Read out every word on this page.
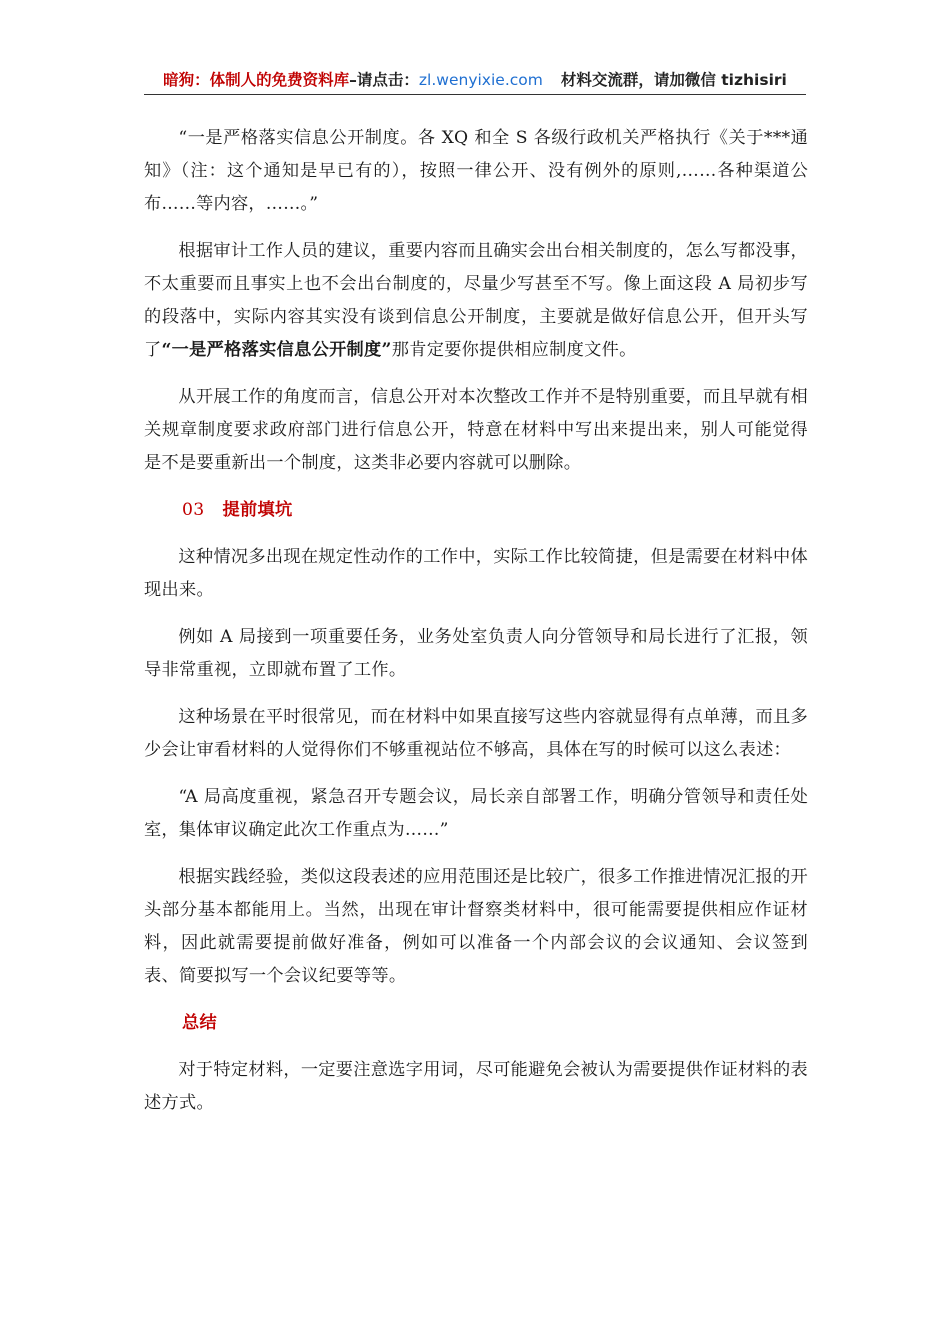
暗狗：体制人的免费资料库–请点击：zl.wenyixie.com 材料交流群，请加微信 tizhisiri

“一是严格落实信息公开制度。各 XQ 和全 S 各级行政机关严格执行《关于***通知》（注：这个通知是早已有的），按照一律公开、没有例外的原则,……各种渠道公布……等内容，……。”

根据审计工作人员的建议，重要内容而且确实会出台相关制度的，怎么写都没事，不太重要而且事实上也不会出台制度的，尽量少写甚至不写。像上面这段 A 局初步写的段落中，实际内容其实没有谈到信息公开制度，主要就是做好信息公开，但开头写了“一是严格落实信息公开制度”那肯定要你提供相应制度文件。

从开展工作的角度而言，信息公开对本次整改工作并不是特别重要，而且早就有相关规章制度要求政府部门进行信息公开，特意在材料中写出来提出来，别人可能觉得是不是要重新出一个制度，这类非必要内容就可以删除。

03 提前填坑

这种情况多出现在规定性动作的工作中，实际工作比较简捷，但是需要在材料中体现出来。

例如 A 局接到一项重要任务，业务处室负责人向分管领导和局长进行了汇报，领导非常重视，立即就布置了工作。

这种场景在平时很常见，而在材料中如果直接写这些内容就显得有点单薄，而且多少会让审看材料的人觉得你们不够重视站位不够高，具体在写的时候可以这么表述：

“A 局高度重视，紧急召开专题会议，局长亲自部署工作，明确分管领导和责任处室，集体审议确定此次工作重点为……”

根据实践经验，类似这段表述的应用范围还是比较广，很多工作推进情况汇报的开头部分基本都能用上。当然，出现在审计督察类材料中，很可能需要提供相应作证材料，因此就需要提前做好准备，例如可以准备一个内部会议的会议通知、会议签到表、简要拟写一个会议纪要等等。

总结

对于特定材料，一定要注意选字用词，尽可能避免会被认为需要提供作证材料的表述方式。
